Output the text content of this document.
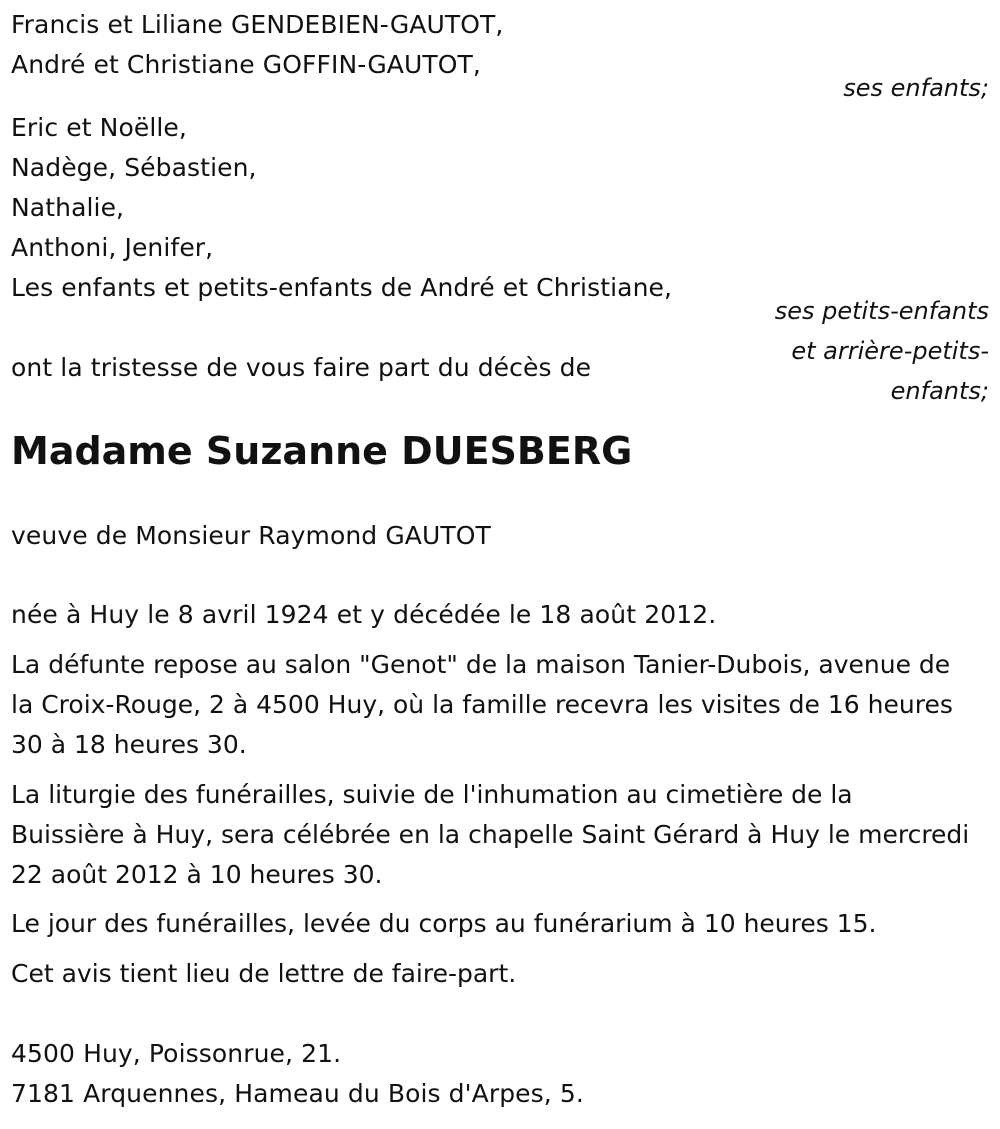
Francis et Liliane GENDEBIEN-GAUTOT,
André et Christiane GOFFIN-GAUTOT,
ses enfants;
Eric et Noëlle,
Nadège, Sébastien,
Nathalie,
Anthoni, Jenifer,
Les enfants et petits-enfants de André et Christiane,
ses petits-enfants
et arrière-petits-
enfants;
ont la tristesse de vous faire part du décès de
Madame Suzanne DUESBERG
veuve de Monsieur Raymond GAUTOT
née à Huy le 8 avril 1924 et y décédée le 18 août 2012.
La défunte repose au salon "Genot" de la maison Tanier-Dubois, avenue de la Croix-Rouge, 2 à 4500 Huy, où la famille recevra les visites de 16 heures 30 à 18 heures 30.
La liturgie des funérailles, suivie de l'inhumation au cimetière de la Buissière à Huy, sera célébrée en la chapelle Saint Gérard à Huy le mercredi 22 août 2012 à 10 heures 30.
Le jour des funérailles, levée du corps au funérarium à 10 heures 15.
Cet avis tient lieu de lettre de faire-part.
4500 Huy, Poissonrue, 21.
7181 Arquennes, Hameau du Bois d'Arpes, 5.
